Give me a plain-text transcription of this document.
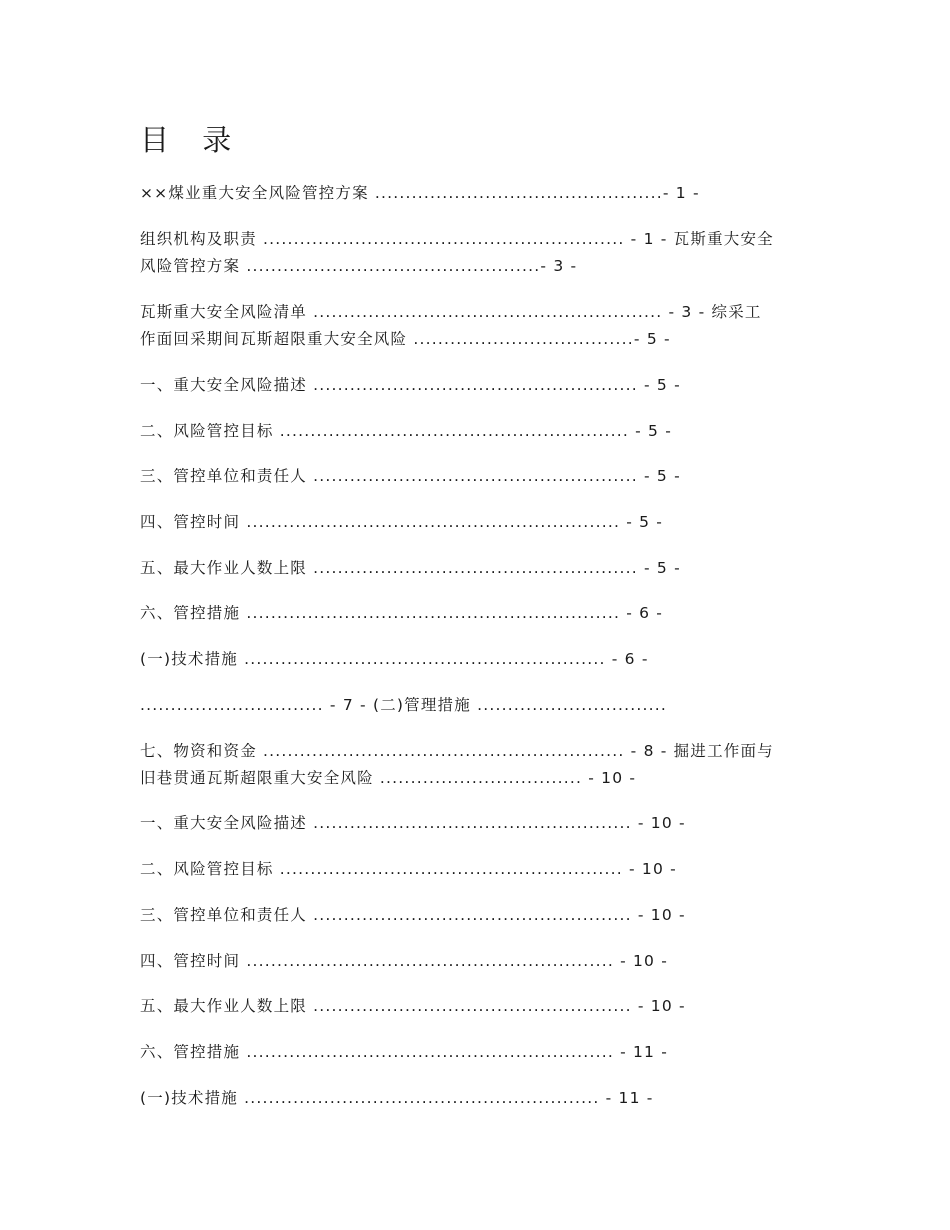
目 录
××煤业重大安全风险管控方案 ...............................................- 1 -
组织机构及职责 ........................................................... - 1 - 瓦斯重大安全
风险管控方案 ................................................- 3 -
瓦斯重大安全风险清单 ......................................................... - 3 - 综采工
作面回采期间瓦斯超限重大安全风险 ....................................- 5 -
一、重大安全风险描述 ..................................................... - 5 -
二、风险管控目标 ......................................................... - 5 -
三、管控单位和责任人 ..................................................... - 5 -
四、管控时间 ............................................................. - 5 -
五、最大作业人数上限 ..................................................... - 5 -
六、管控措施 ............................................................. - 6 -
(一)技术措施 ........................................................... - 6 -
.............................. - 7 - (二)管理措施 ...............................
七、物资和资金 ........................................................... - 8 - 掘进工作面与
旧巷贯通瓦斯超限重大安全风险 ................................. - 10 -
一、重大安全风险描述 .................................................... - 10 -
二、风险管控目标 ........................................................ - 10 -
三、管控单位和责任人 .................................................... - 10 -
四、管控时间 ............................................................ - 10 -
五、最大作业人数上限 .................................................... - 10 -
六、管控措施 ............................................................ - 11 -
(一)技术措施 .......................................................... - 11 -
